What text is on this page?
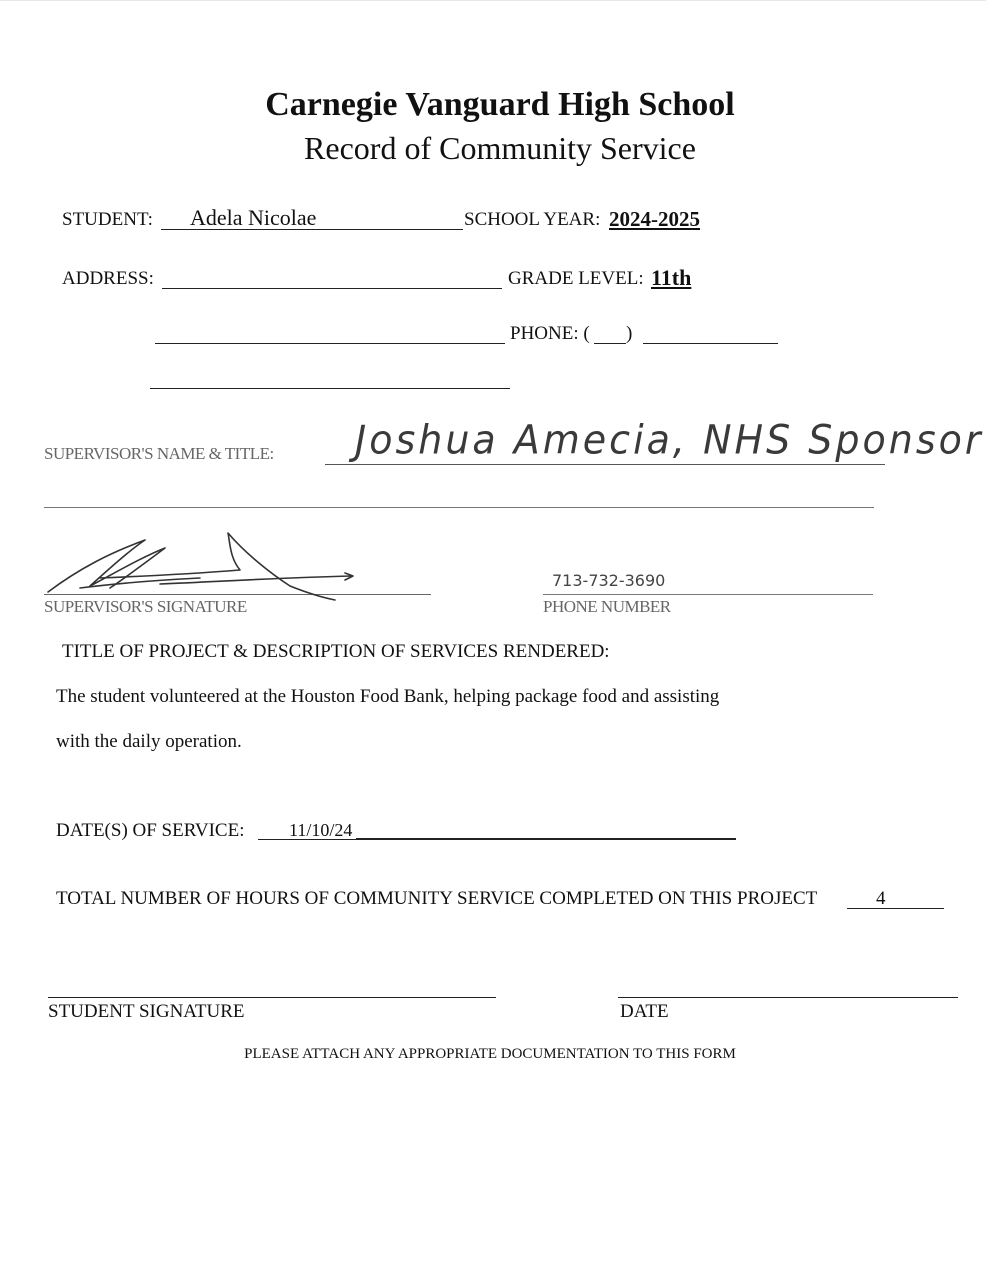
Carnegie Vanguard High School
Record of Community Service
STUDENT: Adela Nicolae	SCHOOL YEAR: 2024-2025
ADDRESS:	GRADE LEVEL: 11th
PHONE: ( )
SUPERVISOR'S NAME & TITLE: Joshua Amecia, NHS Sponsor
SUPERVISOR'S SIGNATURE
713-732-3690
PHONE NUMBER
TITLE OF PROJECT & DESCRIPTION OF SERVICES RENDERED:
The student volunteered at the Houston Food Bank, helping package food and assisting
with the daily operation.
DATE(S) OF SERVICE: 11/10/24
TOTAL NUMBER OF HOURS OF COMMUNITY SERVICE COMPLETED ON THIS PROJECT	4
STUDENT SIGNATURE	DATE
PLEASE ATTACH ANY APPROPRIATE DOCUMENTATION TO THIS FORM
